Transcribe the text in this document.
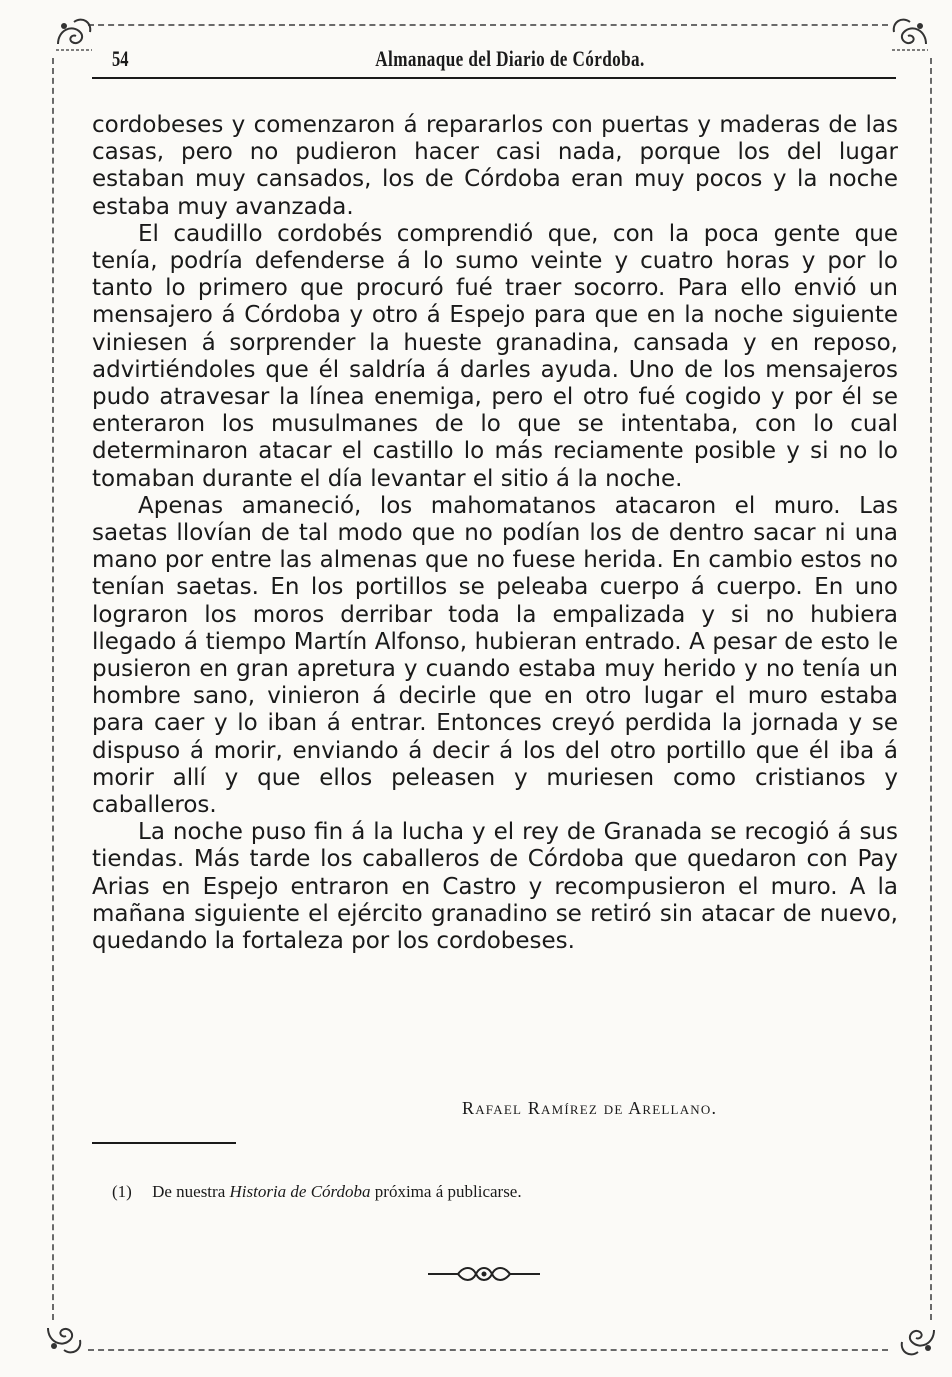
54	Almanaque del Diario de Córdoba.

cordobeses y comenzaron á repararlos con puertas y maderas de las casas, pero no pudieron hacer casi nada, porque los del lugar estaban muy cansados, los de Córdoba eran muy pocos y la noche estaba muy avanzada.

El caudillo cordobés comprendió que, con la poca gente que tenía, podría defenderse á lo sumo veinte y cuatro horas y por lo tanto lo primero que procuró fué traer socorro. Para ello envió un mensajero á Córdoba y otro á Espejo para que en la noche siguiente viniesen á sorprender la hueste granadina, cansada y en reposo, advirtiéndoles que él saldría á darles ayuda. Uno de los mensajeros pudo atravesar la línea enemiga, pero el otro fué cogido y por él se enteraron los musulmanes de lo que se intentaba, con lo cual determinaron atacar el castillo lo más reciamente posible y si no lo tomaban durante el día levantar el sitio á la noche.

Apenas amaneció, los mahomatanos atacaron el muro. Las saetas llovían de tal modo que no podían los de dentro sacar ni una mano por entre las almenas que no fuese herida. En cambio estos no tenían saetas. En los portillos se peleaba cuerpo á cuerpo. En uno lograron los moros derribar toda la empalizada y si no hubiera llegado á tiempo Martín Alfonso, hubieran entrado. A pesar de esto le pusieron en gran apretura y cuando estaba muy herido y no tenía un hombre sano, vinieron á decirle que en otro lugar el muro estaba para caer y lo iban á entrar. Entonces creyó perdida la jornada y se dispuso á morir, enviando á decir á los del otro portillo que él iba á morir allí y que ellos peleasen y muriesen como cristianos y caballeros.

La noche puso fin á la lucha y el rey de Granada se recogió á sus tiendas. Más tarde los caballeros de Córdoba que quedaron con Pay Arias en Espejo entraron en Castro y recompusieron el muro. A la mañana siguiente el ejército granadino se retiró sin atacar de nuevo, quedando la fortaleza por los cordobeses.

Rafael Ramírez de Arellano.
(1) De nuestra Historia de Córdoba próxima á publicarse.
